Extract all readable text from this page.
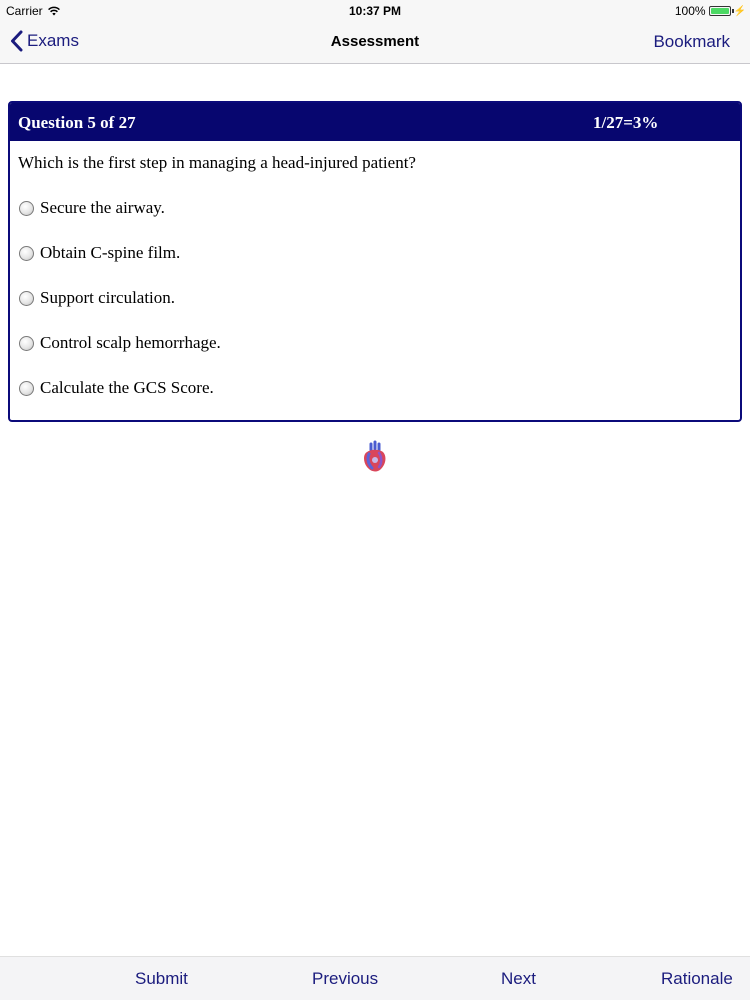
Carrier	10:37 PM	100%	⚡
Exams	Assessment	Bookmark
Question 5 of 27	1/27=3%
Which is the first step in managing a head-injured patient?
Secure the airway.
Obtain C-spine film.
Support circulation.
Control scalp hemorrhage.
Calculate the GCS Score.
Submit	Previous	Next	Rationale
